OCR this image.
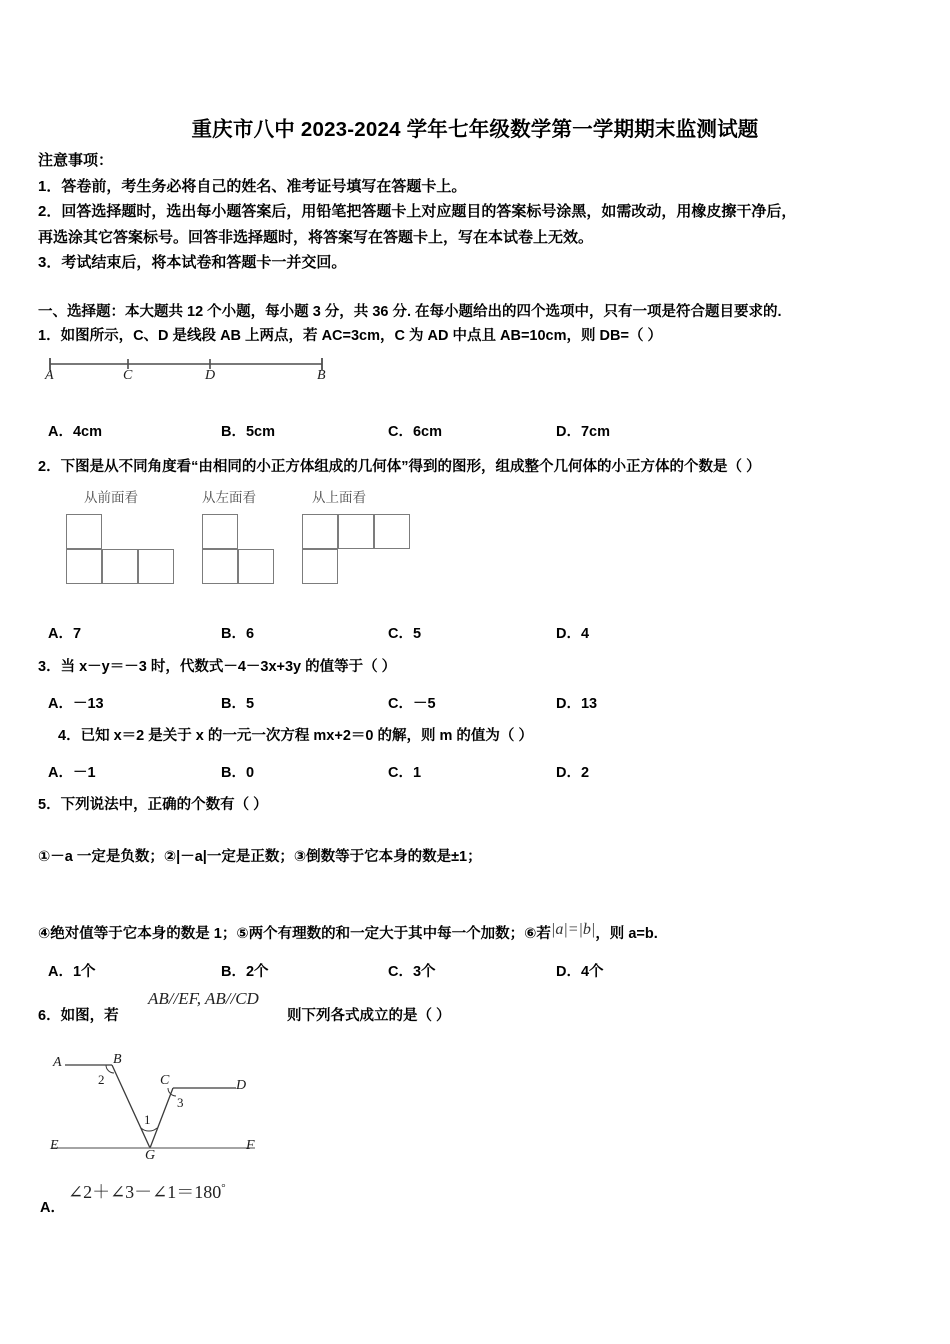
重庆市八中 2023-2024 学年七年级数学第一学期期末监测试题
注意事项：
1．答卷前，考生务必将自己的姓名、准考证号填写在答题卡上。
2．回答选择题时，选出每小题答案后，用铅笔把答题卡上对应题目的答案标号涂黑，如需改动，用橡皮擦干净后，
再选涂其它答案标号。回答非选择题时，将答案写在答题卡上，写在本试卷上无效。
3．考试结束后，将本试卷和答题卡一并交回。
一、选择题：本大题共 12 个小题，每小题 3 分，共 36 分. 在每小题给出的四个选项中，只有一项是符合题目要求的.
1．如图所示，C、D 是线段 AB 上两点，若 AC=3cm，C 为 AD 中点且 AB=10cm，则 DB=（ ）
A	C	D	B
A．4cm	B．5cm	C．6cm	D．7cm
2．下图是从不同角度看“由相同的小正方体组成的几何体”得到的图形，组成整个几何体的小正方体的个数是（ ）
从前面看	从左面看	从上面看
A．7	B．6	C．5	D．4
3．当 x－y＝－3 时，代数式－4－3x+3y 的值等于（ ）
A．－13	B．5	C．－5	D．13
4．已知 x＝2 是关于 x 的一元一次方程 mx+2＝0 的解，则 m 的值为（ ）
A．－1	B．0	C．1	D．2
5．下列说法中，正确的个数有（ ）
①－a 一定是负数；②|－a|一定是正数；③倒数等于它本身的数是±1；
④绝对值等于它本身的数是 1；⑤两个有理数的和一定大于其中每一个加数；⑥若|a|=|b|，则 a=b.
A．1个	B．2个	C．3个	D．4个
6．如图，若
AB//EF, AB//CD
则下列各式成立的是（ ）
A	B
C	D
E	F
G
2
3
1
A．
∠2＋∠3－∠1＝180°
